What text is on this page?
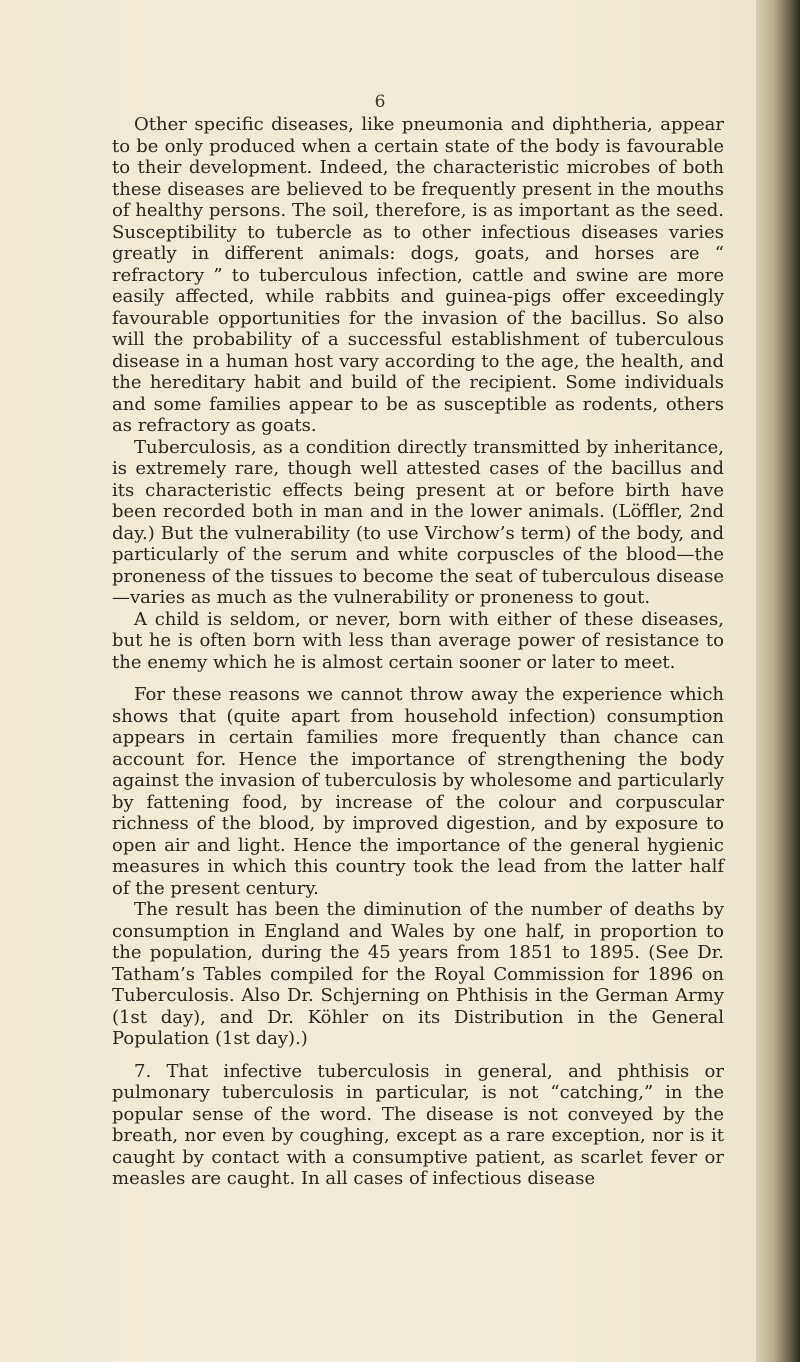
6

Other specific diseases, like pneumonia and diphtheria, appear to be only produced when a certain state of the body is favourable to their development. Indeed, the characteristic microbes of both these diseases are believed to be frequently present in the mouths of healthy persons. The soil, therefore, is as important as the seed. Susceptibility to tubercle as to other infectious diseases varies greatly in different animals: dogs, goats, and horses are “ refractory ” to tuberculous infection, cattle and swine are more easily affected, while rabbits and guinea-pigs offer exceedingly favourable opportunities for the invasion of the bacillus. So also will the probability of a successful establishment of tuberculous disease in a human host vary according to the age, the health, and the hereditary habit and build of the recipient. Some individuals and some families appear to be as susceptible as rodents, others as refractory as goats.

Tuberculosis, as a condition directly transmitted by inheritance, is extremely rare, though well attested cases of the bacillus and its characteristic effects being present at or before birth have been recorded both in man and in the lower animals. (Löffler, 2nd day.) But the vulnerability (to use Virchow’s term) of the body, and particularly of the serum and white corpuscles of the blood—the proneness of the tissues to become the seat of tuberculous disease—varies as much as the vulnerability or proneness to gout.

A child is seldom, or never, born with either of these diseases, but he is often born with less than average power of resistance to the enemy which he is almost certain sooner or later to meet.

For these reasons we cannot throw away the experience which shows that (quite apart from household infection) consumption appears in certain families more frequently than chance can account for. Hence the importance of strengthening the body against the invasion of tuberculosis by wholesome and particularly by fattening food, by increase of the colour and corpuscular richness of the blood, by improved digestion, and by exposure to open air and light. Hence the importance of the general hygienic measures in which this country took the lead from the latter half of the present century.

The result has been the diminution of the number of deaths by consumption in England and Wales by one half, in proportion to the population, during the 45 years from 1851 to 1895. (See Dr. Tatham’s Tables compiled for the Royal Commission for 1896 on Tuberculosis. Also Dr. Schjerning on Phthisis in the German Army (1st day), and Dr. Köhler on its Distribution in the General Population (1st day).)

7. That infective tuberculosis in general, and phthisis or pulmonary tuberculosis in particular, is not “catching,” in the popular sense of the word. The disease is not conveyed by the breath, nor even by coughing, except as a rare exception, nor is it caught by contact with a consumptive patient, as scarlet fever or measles are caught. In all cases of infectious disease
